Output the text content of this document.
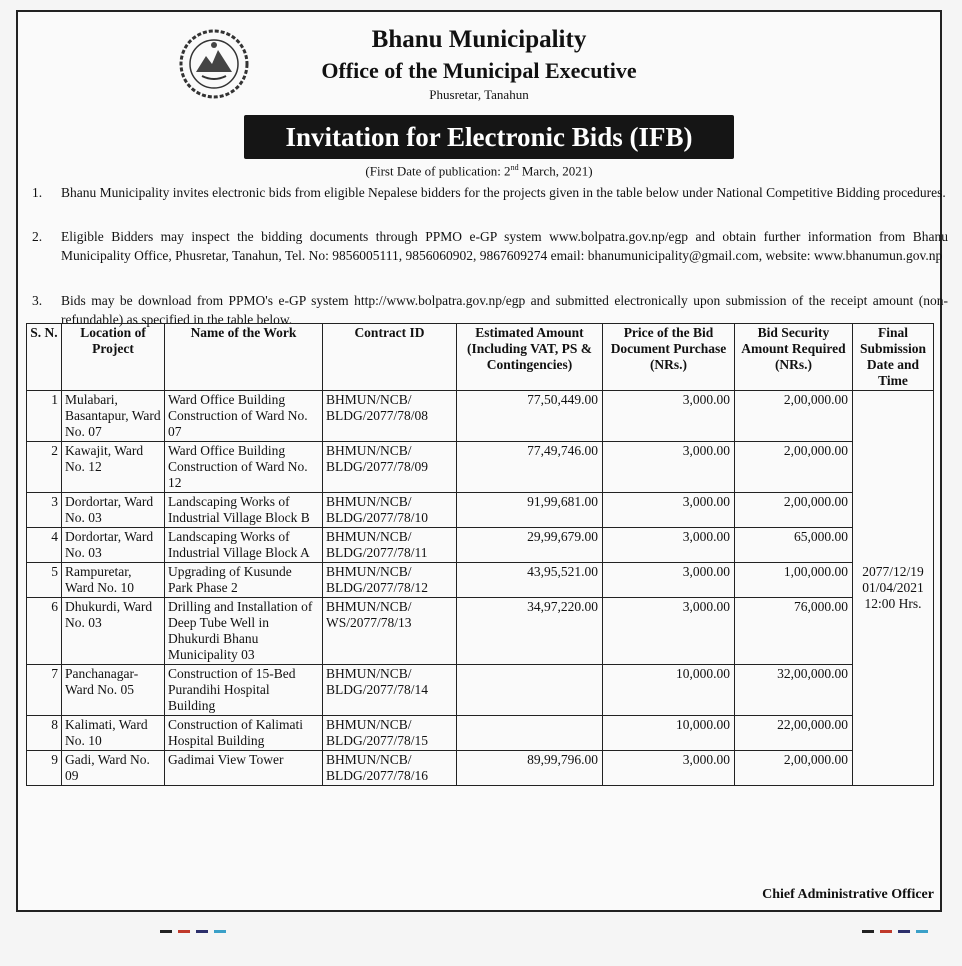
Bhanu Municipality
Office of the Municipal Executive
Phusretar, Tanahun
Invitation for Electronic Bids (IFB)
(First Date of publication: 2nd March, 2021)
1. Bhanu Municipality invites electronic bids from eligible Nepalese bidders for the projects given in the table below under National Competitive Bidding procedures.
2. Eligible Bidders may inspect the bidding documents through PPMO e-GP system www.bolpatra.gov.np/egp and obtain further information from Bhanu Municipality Office, Phusretar, Tanahun, Tel. No: 9856005111, 9856060902, 9867609274 email: bhanumunicipality@gmail.com, website: www.bhanumun.gov.np
3. Bids may be download from PPMO's e-GP system http://www.bolpatra.gov.np/egp and submitted electronically upon submission of the receipt amount (non-refundable) as specified in the table below.
S. N.	Location of Project	Name of the Work	Contract ID	Estimated Amount (Including VAT, PS & Contingencies)	Price of the Bid Document Purchase (NRs.)	Bid Security Amount Required (NRs.)	Final Submission Date and Time
1	Mulabari, Basantapur, Ward No. 07	Ward Office Building Construction of Ward No. 07	BHMUN/NCB/ BLDG/2077/78/08	77,50,449.00	3,000.00	2,00,000.00	2077/12/19 01/04/2021 12:00 Hrs.
2	Kawajit, Ward No. 12	Ward Office Building Construction of Ward No. 12	BHMUN/NCB/ BLDG/2077/78/09	77,49,746.00	3,000.00	2,00,000.00	
3	Dordortar, Ward No. 03	Landscaping Works of Industrial Village Block B	BHMUN/NCB/ BLDG/2077/78/10	91,99,681.00	3,000.00	2,00,000.00	
4	Dordortar, Ward No. 03	Landscaping Works of Industrial Village Block A	BHMUN/NCB/ BLDG/2077/78/11	29,99,679.00	3,000.00	65,000.00	
5	Rampuretar, Ward No. 10	Upgrading of Kusunde Park Phase 2	BHMUN/NCB/ BLDG/2077/78/12	43,95,521.00	3,000.00	1,00,000.00	
6	Dhukurdi, Ward No. 03	Drilling and Installation of Deep Tube Well in Dhukurdi Bhanu Municipality 03	BHMUN/NCB/ WS/2077/78/13	34,97,220.00	3,000.00	76,000.00	
7	Panchanagar- Ward No. 05	Construction of 15-Bed Purandihi Hospital Building	BHMUN/NCB/ BLDG/2077/78/14		10,000.00	32,00,000.00	
8	Kalimati, Ward No. 10	Construction of Kalimati Hospital Building	BHMUN/NCB/ BLDG/2077/78/15		10,000.00	22,00,000.00	
9	Gadi, Ward No. 09	Gadimai View Tower	BHMUN/NCB/ BLDG/2077/78/16	89,99,796.00	3,000.00	2,00,000.00	
Chief Administrative Officer
